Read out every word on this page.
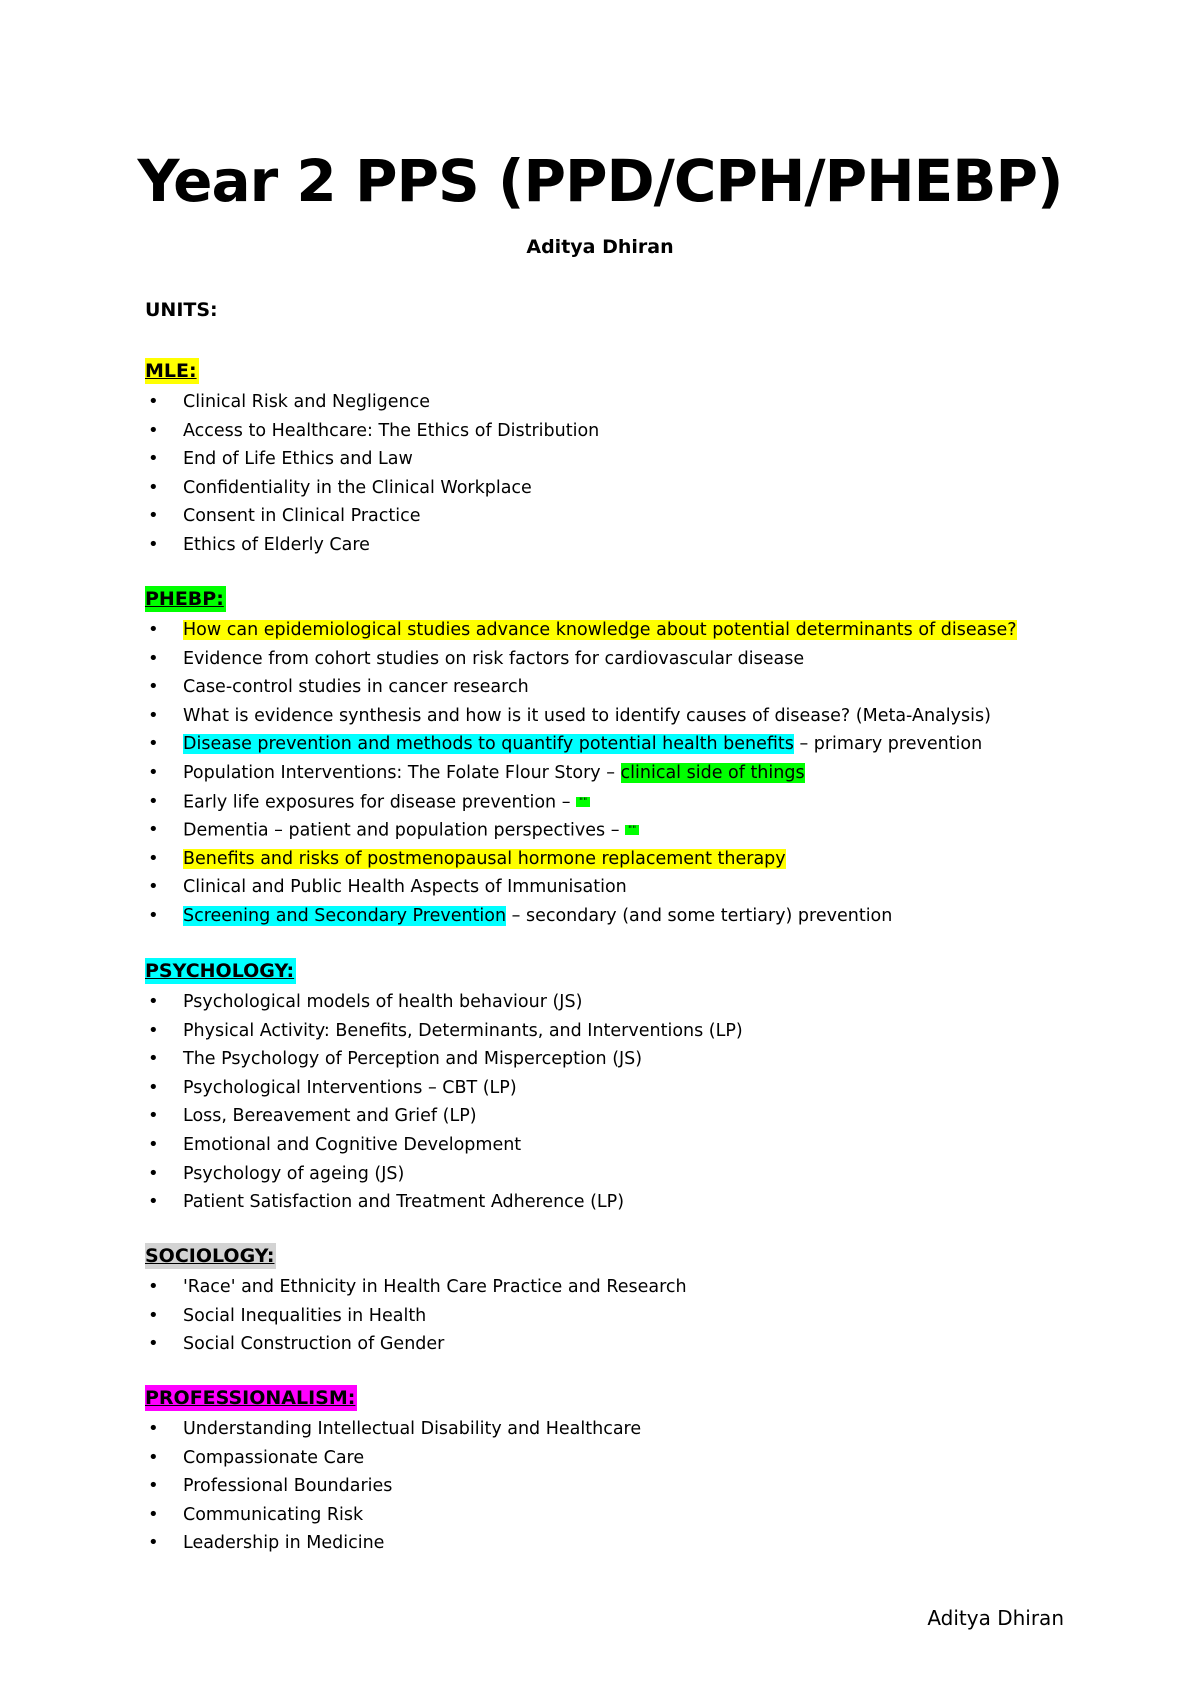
Year 2 PPS (PPD/CPH/PHEBP)
Aditya Dhiran
UNITS:
MLE:
• Clinical Risk and Negligence
• Access to Healthcare: The Ethics of Distribution
• End of Life Ethics and Law
• Confidentiality in the Clinical Workplace
• Consent in Clinical Practice
• Ethics of Elderly Care
PHEBP:
• How can epidemiological studies advance knowledge about potential determinants of disease?
• Evidence from cohort studies on risk factors for cardiovascular disease
• Case-control studies in cancer research
• What is evidence synthesis and how is it used to identify causes of disease? (Meta-Analysis)
• Disease prevention and methods to quantify potential health benefits – primary prevention
• Population Interventions: The Folate Flour Story – clinical side of things
• Early life exposures for disease prevention – ""
• Dementia – patient and population perspectives – ""
• Benefits and risks of postmenopausal hormone replacement therapy
• Clinical and Public Health Aspects of Immunisation
• Screening and Secondary Prevention – secondary (and some tertiary) prevention
PSYCHOLOGY:
• Psychological models of health behaviour (JS)
• Physical Activity: Benefits, Determinants, and Interventions (LP)
• The Psychology of Perception and Misperception (JS)
• Psychological Interventions – CBT (LP)
• Loss, Bereavement and Grief (LP)
• Emotional and Cognitive Development
• Psychology of ageing (JS)
• Patient Satisfaction and Treatment Adherence (LP)
SOCIOLOGY:
• 'Race' and Ethnicity in Health Care Practice and Research
• Social Inequalities in Health
• Social Construction of Gender
PROFESSIONALISM:
• Understanding Intellectual Disability and Healthcare
• Compassionate Care
• Professional Boundaries
• Communicating Risk
• Leadership in Medicine
Aditya Dhiran
